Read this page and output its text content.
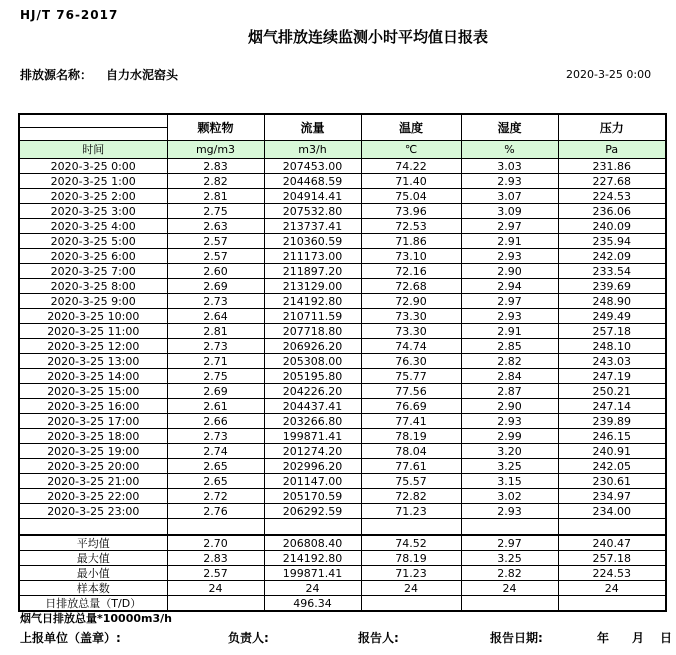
HJ/T 76-2017
烟气排放连续监测小时平均值日报表
排放源名称： 自力水泥窑头	2020-3-25 0:00
	颗粒物	流量	温度	湿度	压力

时间	mg/m3	m3/h	℃	%	Pa
2020-3-25 0:00	2.83	207453.00	74.22	3.03	231.86
2020-3-25 1:00	2.82	204468.59	71.40	2.93	227.68
2020-3-25 2:00	2.81	204914.41	75.04	3.07	224.53
2020-3-25 3:00	2.75	207532.80	73.96	3.09	236.06
2020-3-25 4:00	2.63	213737.41	72.53	2.97	240.09
2020-3-25 5:00	2.57	210360.59	71.86	2.91	235.94
2020-3-25 6:00	2.57	211173.00	73.10	2.93	242.09
2020-3-25 7:00	2.60	211897.20	72.16	2.90	233.54
2020-3-25 8:00	2.69	213129.00	72.68	2.94	239.69
2020-3-25 9:00	2.73	214192.80	72.90	2.97	248.90
2020-3-25 10:00	2.64	210711.59	73.30	2.93	249.49
2020-3-25 11:00	2.81	207718.80	73.30	2.91	257.18
2020-3-25 12:00	2.73	206926.20	74.74	2.85	248.10
2020-3-25 13:00	2.71	205308.00	76.30	2.82	243.03
2020-3-25 14:00	2.75	205195.80	75.77	2.84	247.19
2020-3-25 15:00	2.69	204226.20	77.56	2.87	250.21
2020-3-25 16:00	2.61	204437.41	76.69	2.90	247.14
2020-3-25 17:00	2.66	203266.80	77.41	2.93	239.89
2020-3-25 18:00	2.73	199871.41	78.19	2.99	246.15
2020-3-25 19:00	2.74	201274.20	78.04	3.20	240.91
2020-3-25 20:00	2.65	202996.20	77.61	3.25	242.05
2020-3-25 21:00	2.65	201147.00	75.57	3.15	230.61
2020-3-25 22:00	2.72	205170.59	72.82	3.02	234.97
2020-3-25 23:00	2.76	206292.59	71.23	2.93	234.00

平均值	2.70	206808.40	74.52	2.97	240.47
最大值	2.83	214192.80	78.19	3.25	257.18
最小值	2.57	199871.41	71.23	2.82	224.53
样本数	24	24	24	24	24
日排放总量（T/D）		496.34			
烟气日排放总量*10000m3/h
上报单位（盖章）:	负责人:	报告人:	报告日期:	年 月 日
